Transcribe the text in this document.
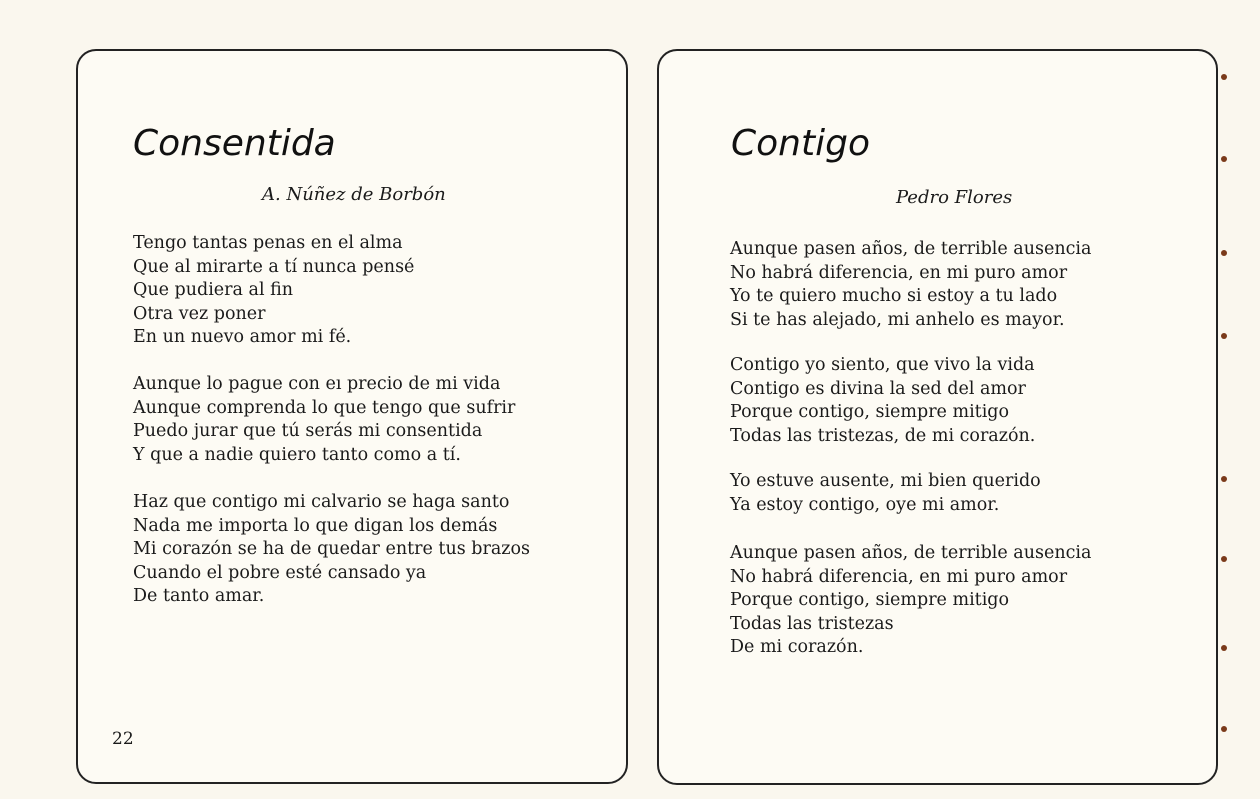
Consentida
A. Núñez de Borbón
Tengo tantas penas en el alma
Que al mirarte a tí nunca pensé
Que pudiera al fin
Otra vez poner
En un nuevo amor mi fé.
Aunque lo pague con eı precio de mi vida
Aunque comprenda lo que tengo que sufrir
Puedo jurar que tú serás mi consentida
Y que a nadie quiero tanto como a tí.
Haz que contigo mi calvario se haga santo
Nada me importa lo que digan los demás
Mi corazón se ha de quedar entre tus brazos
Cuando el pobre esté cansado ya
De tanto amar.
22
Contigo
Pedro Flores
Aunque pasen años, de terrible ausencia
No habrá diferencia, en mi puro amor
Yo te quiero mucho si estoy a tu lado
Si te has alejado, mi anhelo es mayor.
Contigo yo siento, que vivo la vida
Contigo es divina la sed del amor
Porque contigo, siempre mitigo
Todas las tristezas, de mi corazón.
Yo estuve ausente, mi bien querido
Ya estoy contigo, oye mi amor.
Aunque pasen años, de terrible ausencia
No habrá diferencia, en mi puro amor
Porque contigo, siempre mitigo
Todas las tristezas
De mi corazón.
